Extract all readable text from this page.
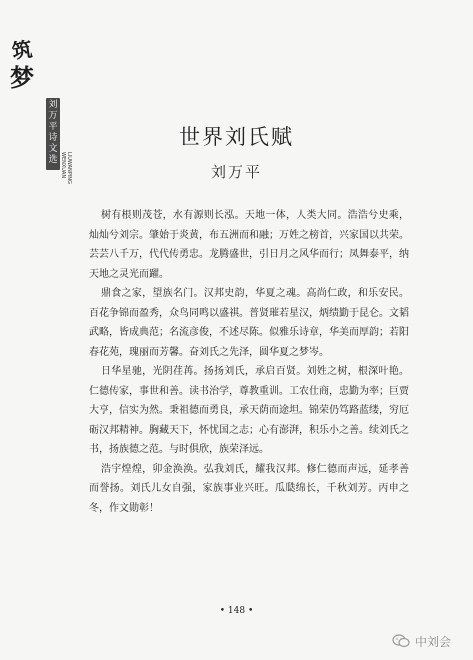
筑
梦
刘万平诗文选	LIUWANPING WENXUAN
世界刘氏赋
刘万平

树有根则茂苍，水有源则长泓。天地一体，人类大同。浩浩兮史乘，灿灿兮刘宗。肇始于炎黄，布五洲而和融；万姓之榜首，兴家国以共荣。芸芸八千万，代代传勇忠。龙腾盛世，引日月之风华而行；凤舞泰平，纳天地之灵光而躍。

鼎食之家，望族名门。汉邦史韵，华夏之魂。高尚仁政，和乐安民。百花争锦而盈秀，众鸟同鸣以盛祺。普贤璀若星汉，炳绩勤于昆仑。文韬武略，皆成典范；名流彦俊，不述尽陈。似雅乐诗章，华美而厚韵；若阳春花苑，瑰丽而芳馨。奋刘氏之先泽，圆华夏之梦岑。

日华星驰，光阴荏苒。扬扬刘氏，承启百贤。刘姓之树，根深叶艳。仁德传家，事世和善。读书治学，尊教重训。工农仕商，忠勤为率；巨贾大亨，信实为然。秉祖德而勇良，承天荫而途坦。锦荣仍笃路蓝缕，穷厄砺汉邦精神。胸藏天下，怀忧国之志；心有澎湃，积乐小之善。续刘氏之书，扬族德之范。与时俱欣，族荣泽远。

浩宇煌煌，卯金涣涣。弘我刘氏，耀我汉邦。修仁德而声远，延孝善而誉扬。刘氏儿女自强，家族事业兴旺。瓜瓞绵长，千秋刘芳。丙申之冬，作文勋彰！

• 148 •
中刘会
